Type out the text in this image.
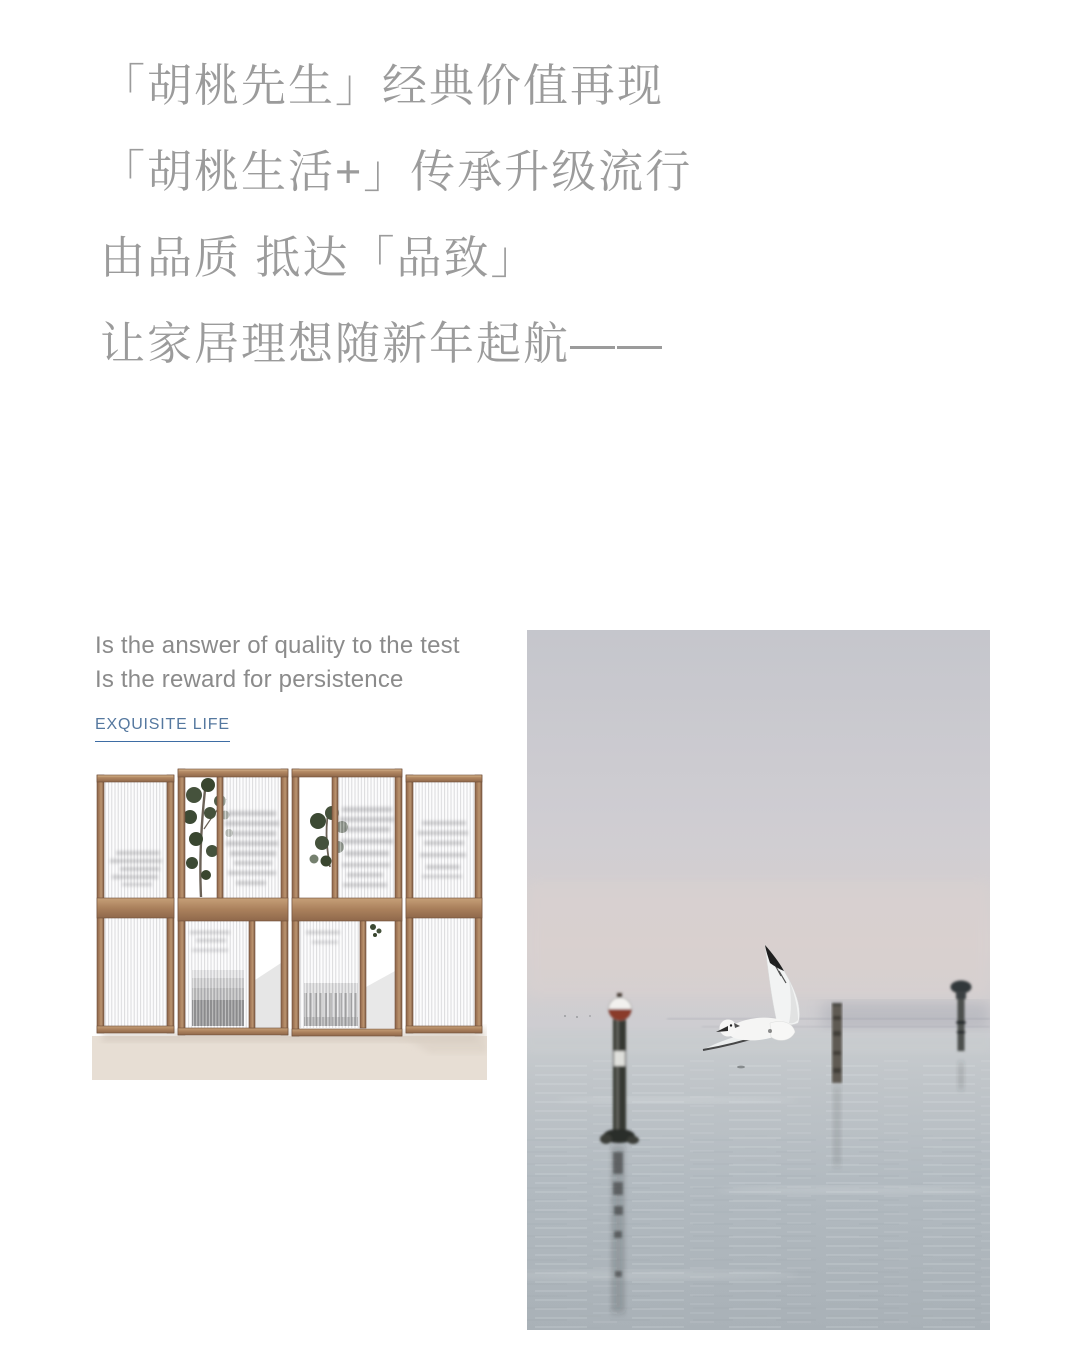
「胡桃先生」经典价值再现
「胡桃生活+」传承升级流行
由品质 抵达「品致」
让家居理想随新年起航——
Is the answer of quality to the test
Is the reward for persistence
EXQUISITE LIFE
